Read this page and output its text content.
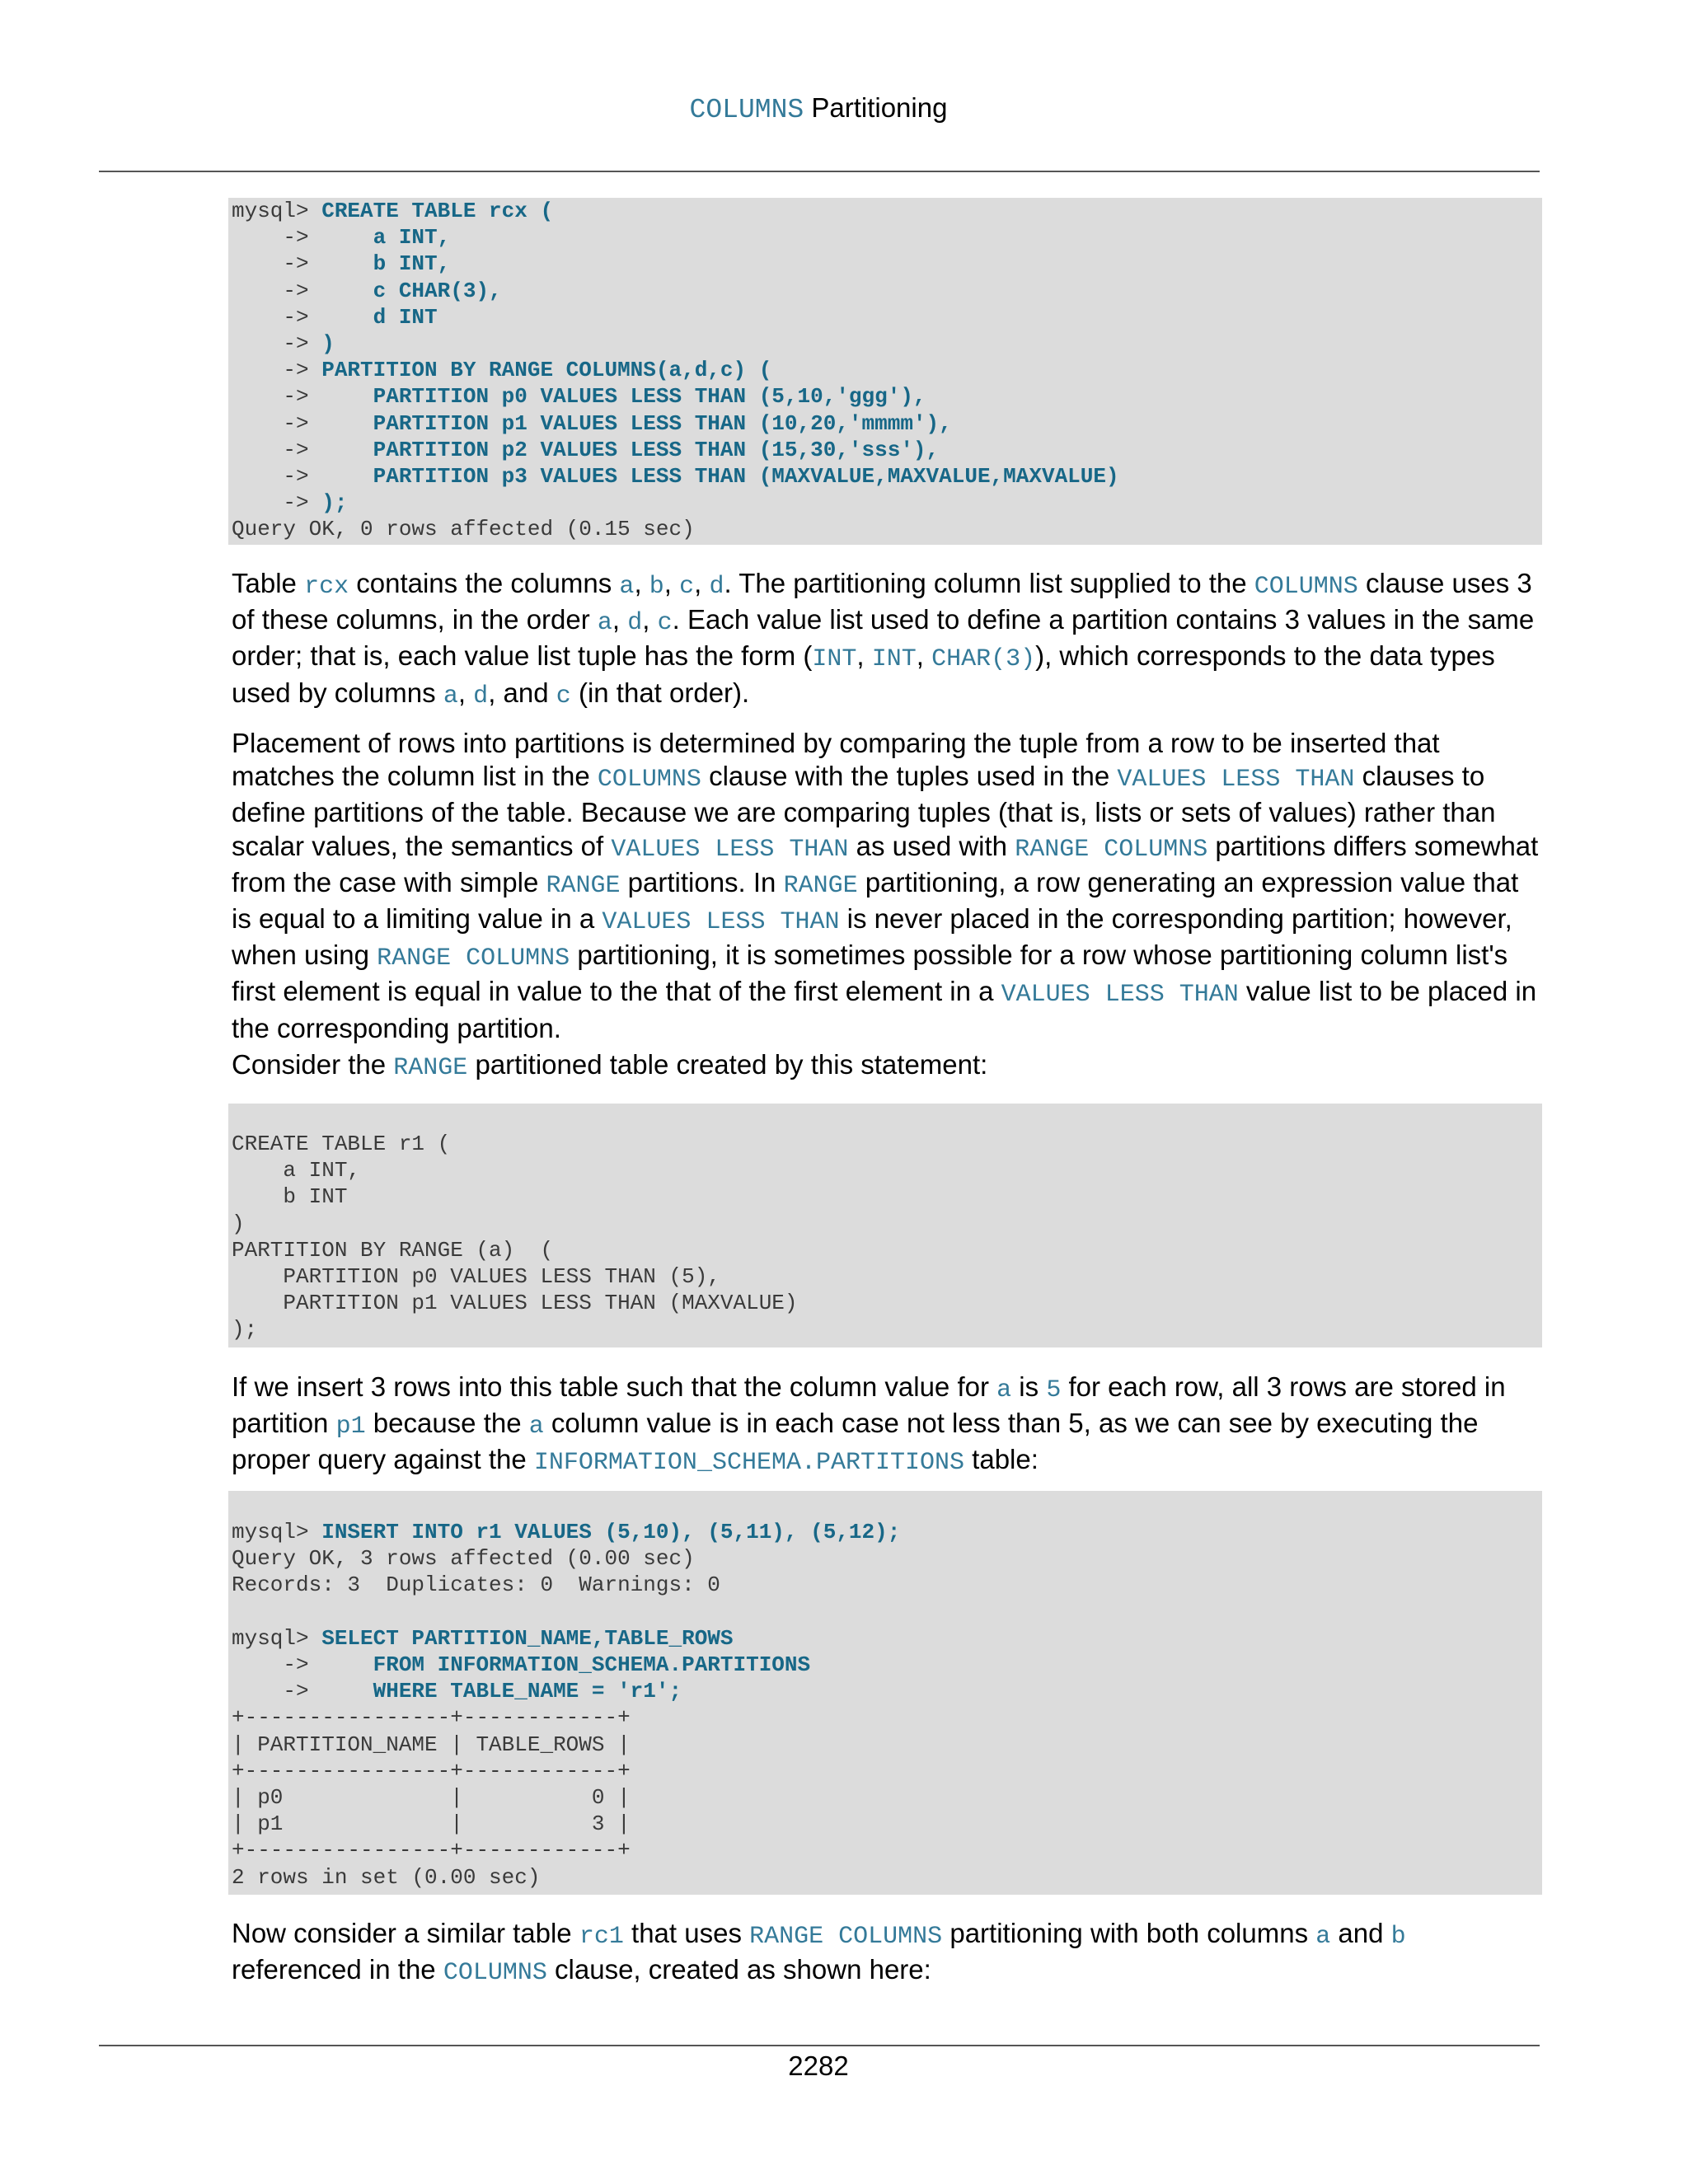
COLUMNS Partitioning
mysql> CREATE TABLE rcx (
->     a INT,
->     b INT,
->     c CHAR(3),
->     d INT
-> )
-> PARTITION BY RANGE COLUMNS(a,d,c) (
->     PARTITION p0 VALUES LESS THAN (5,10,'ggg'),
->     PARTITION p1 VALUES LESS THAN (10,20,'mmmm'),
->     PARTITION p2 VALUES LESS THAN (15,30,'sss'),
->     PARTITION p3 VALUES LESS THAN (MAXVALUE,MAXVALUE,MAXVALUE)
-> );
Query OK, 0 rows affected (0.15 sec)
Table rcx contains the columns a, b, c, d. The partitioning column list supplied to the COLUMNS clause uses 3 of these columns, in the order a, d, c. Each value list used to define a partition contains 3 values in the same order; that is, each value list tuple has the form (INT, INT, CHAR(3)), which corresponds to the data types used by columns a, d, and c (in that order).
Placement of rows into partitions is determined by comparing the tuple from a row to be inserted that matches the column list in the COLUMNS clause with the tuples used in the VALUES LESS THAN clauses to define partitions of the table. Because we are comparing tuples (that is, lists or sets of values) rather than scalar values, the semantics of VALUES LESS THAN as used with RANGE COLUMNS partitions differs somewhat from the case with simple RANGE partitions. In RANGE partitioning, a row generating an expression value that is equal to a limiting value in a VALUES LESS THAN is never placed in the corresponding partition; however, when using RANGE COLUMNS partitioning, it is sometimes possible for a row whose partitioning column list's first element is equal in value to the that of the first element in a VALUES LESS THAN value list to be placed in the corresponding partition.
Consider the RANGE partitioned table created by this statement:
CREATE TABLE r1 (
a INT,
b INT
)
PARTITION BY RANGE (a)  (
PARTITION p0 VALUES LESS THAN (5),
PARTITION p1 VALUES LESS THAN (MAXVALUE)
);
If we insert 3 rows into this table such that the column value for a is 5 for each row, all 3 rows are stored in partition p1 because the a column value is in each case not less than 5, as we can see by executing the proper query against the INFORMATION_SCHEMA.PARTITIONS table:
mysql> INSERT INTO r1 VALUES (5,10), (5,11), (5,12);
Query OK, 3 rows affected (0.00 sec)
Records: 3  Duplicates: 0  Warnings: 0

mysql> SELECT PARTITION_NAME,TABLE_ROWS
->     FROM INFORMATION_SCHEMA.PARTITIONS
->     WHERE TABLE_NAME = 'r1';
+----------------+------------+
| PARTITION_NAME | TABLE_ROWS |
+----------------+------------+
| p0             |          0 |
| p1             |          3 |
+----------------+------------+
2 rows in set (0.00 sec)
Now consider a similar table rc1 that uses RANGE COLUMNS partitioning with both columns a and b referenced in the COLUMNS clause, created as shown here:
2282
